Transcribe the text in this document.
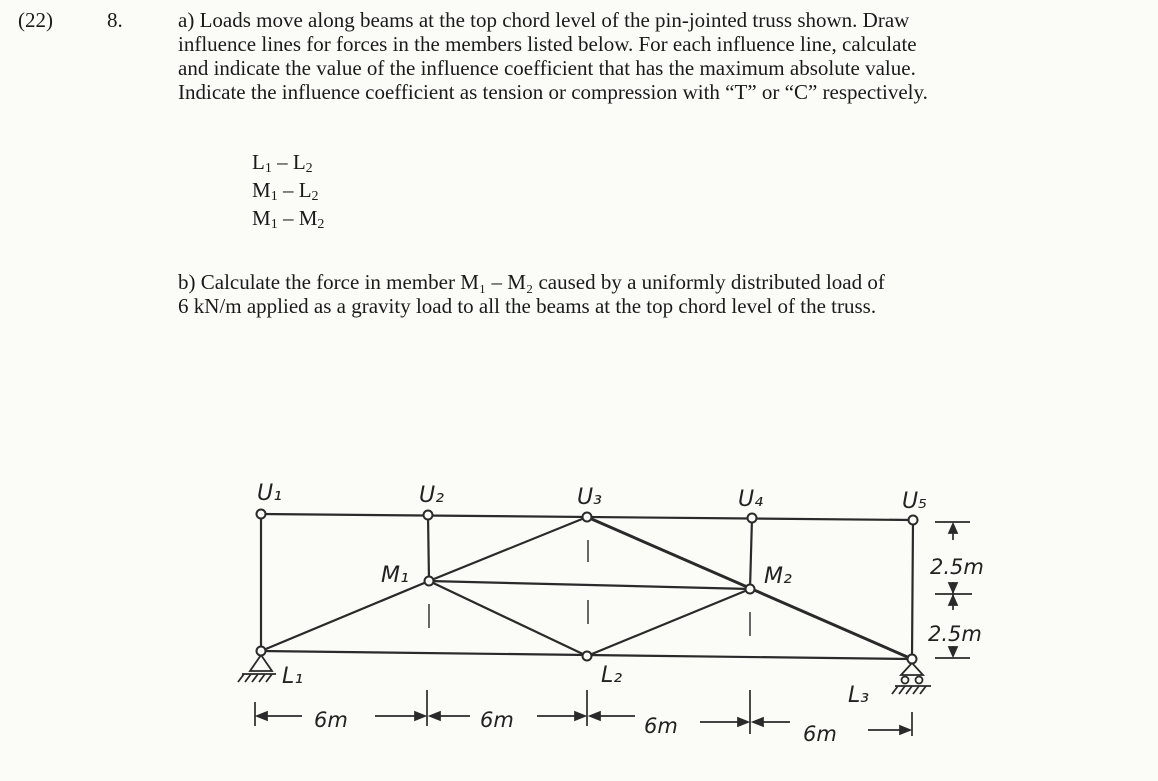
(22)	8.	a) Loads move along beams at the top chord level of the pin-jointed truss shown. Draw
influence lines for forces in the members listed below. For each influence line, calculate
and indicate the value of the influence coefficient that has the maximum absolute value.
Indicate the influence coefficient as tension or compression with “T” or “C” respectively.
$L_1 - L_2$
$M_1 - L_2$
$M_1 - M_2$
b) Calculate the force in member M₁ – M₂ caused by a uniformly distributed load of
6 kN/m applied as a gravity load to all the beams at the top chord level of the truss.
U₁	U₂	U₃	U₄	U₅
M₁	M₂
L₁	L₂
L₃
6m	6m	6m	6m
2.5m
2.5m
